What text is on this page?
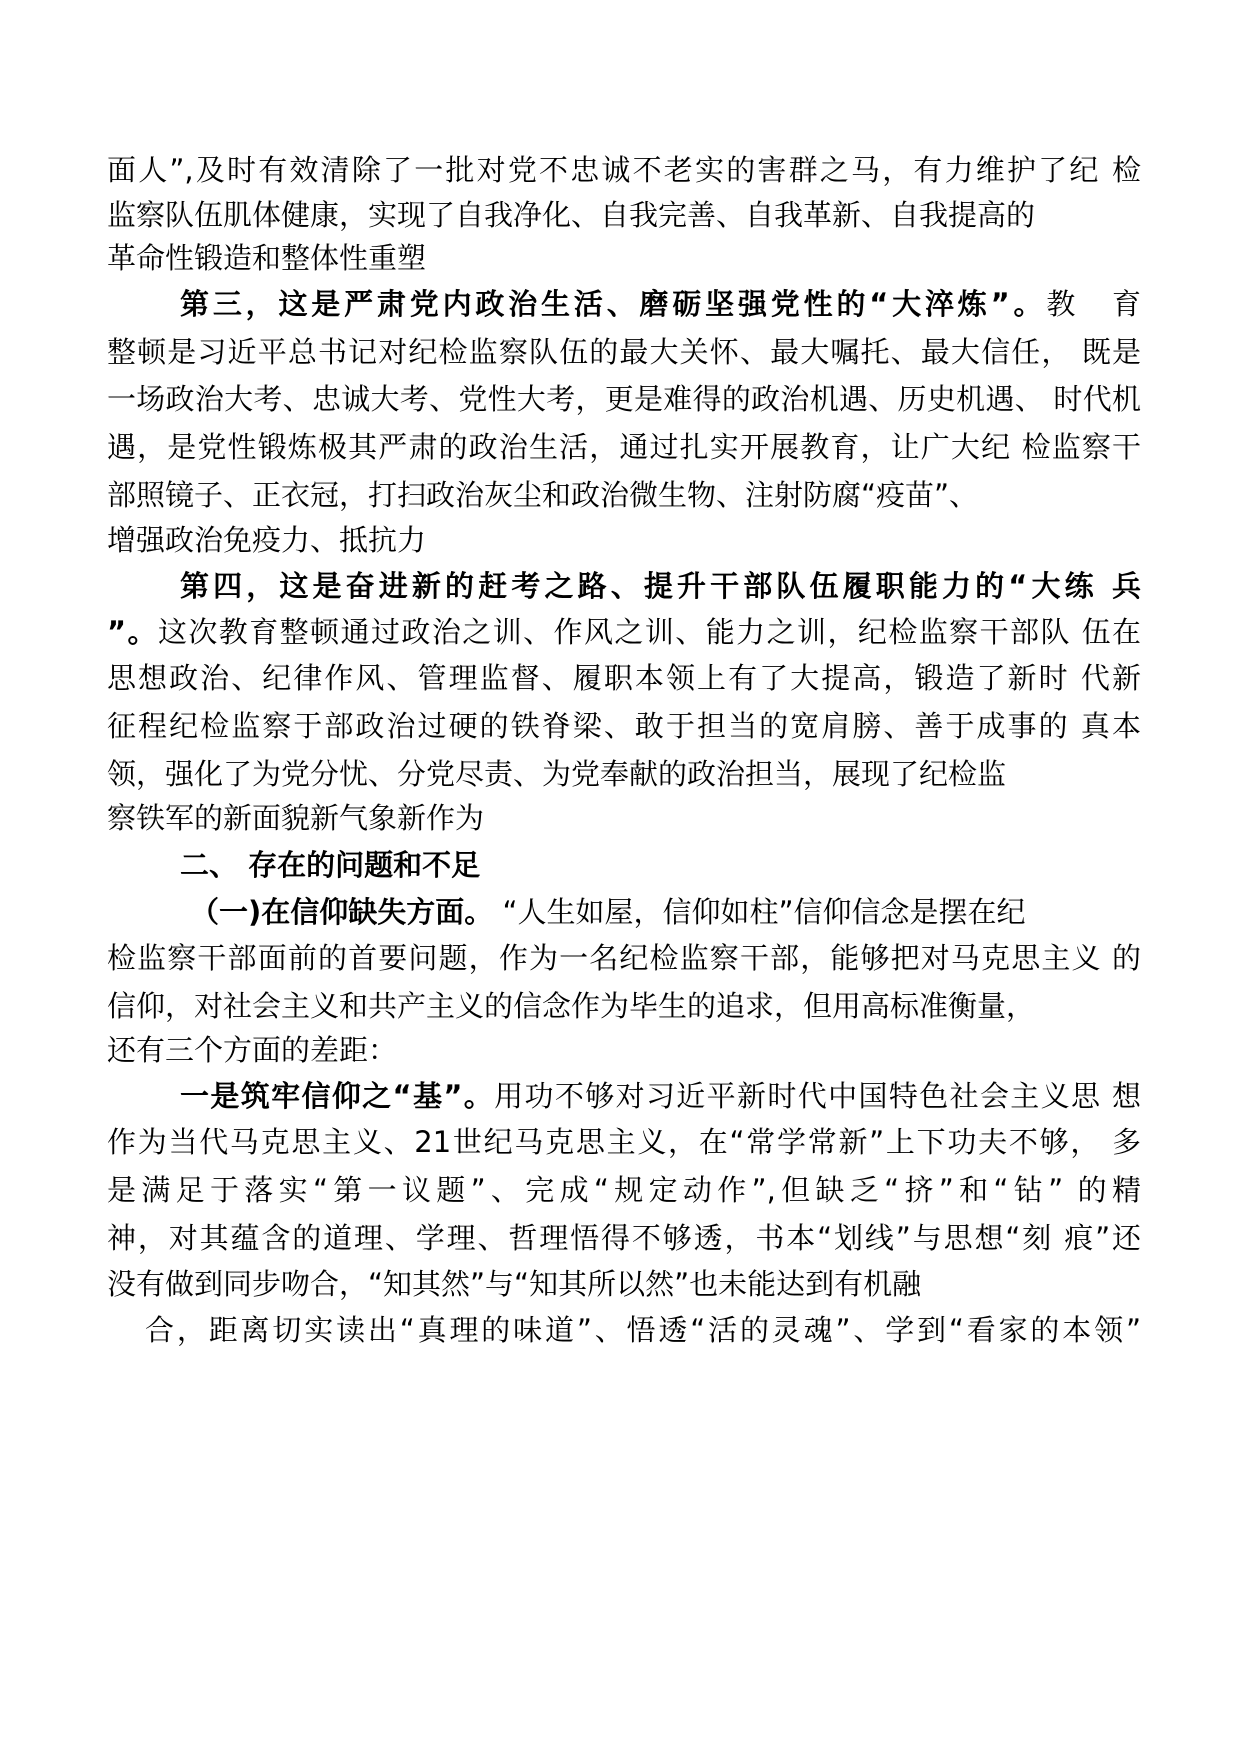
面人”,及时有效清除了一批对党不忠诚不老实的害群之马，有力维护了纪 检
监察队伍肌体健康，实现了自我净化、自我完善、自我革新、自我提高的
革命性锻造和整体性重塑
第三，这是严肃党内政治生活、磨砺坚强党性的“大淬炼”。教　育
整顿是习近平总书记对纪检监察队伍的最大关怀、最大嘱托、最大信任， 既是
一场政治大考、忠诚大考、党性大考，更是难得的政治机遇、历史机遇、 时代机
遇，是党性锻炼极其严肃的政治生活，通过扎实开展教育，让广大纪 检监察干
部照镜子、正衣冠，打扫政治灰尘和政治微生物、注射防腐“疫苗”、
增强政治免疫力、抵抗力
第四，这是奋进新的赶考之路、提升干部队伍履职能力的“大练 兵
”。这次教育整顿通过政治之训、作风之训、能力之训，纪检监察干部队 伍在
思想政治、纪律作风、管理监督、履职本领上有了大提高，锻造了新时 代新
征程纪检监察于部政治过硬的铁脊梁、敢于担当的宽肩膀、善于成事的 真本
领，强化了为党分忧、分党尽责、为党奉献的政治担当，展现了纪检监
察铁军的新面貌新气象新作为
二、 存在的问题和不足
（一)在信仰缺失方面。 “人生如屋，信仰如柱”信仰信念是摆在纪
检监察干部面前的首要问题，作为一名纪检监察干部，能够把对马克思主义 的
信仰，对社会主义和共产主义的信念作为毕生的追求，但用高标准衡量，
还有三个方面的差距：
一是筑牢信仰之“基”。用功不够对习近平新时代中国特色社会主义思 想
作为当代马克思主义、21世纪马克思主义，在“常学常新”上下功夫不够， 多
是满足于落实“第一议题”、完成“规定动作”,但缺乏“挤”和“钻” 的精
神，对其蕴含的道理、学理、哲理悟得不够透，书本“划线”与思想“刻 痕”还
没有做到同步吻合，“知其然”与“知其所以然”也未能达到有机融
合，距离切实读出“真理的味道”、悟透“活的灵魂”、学到“看家的本领”
